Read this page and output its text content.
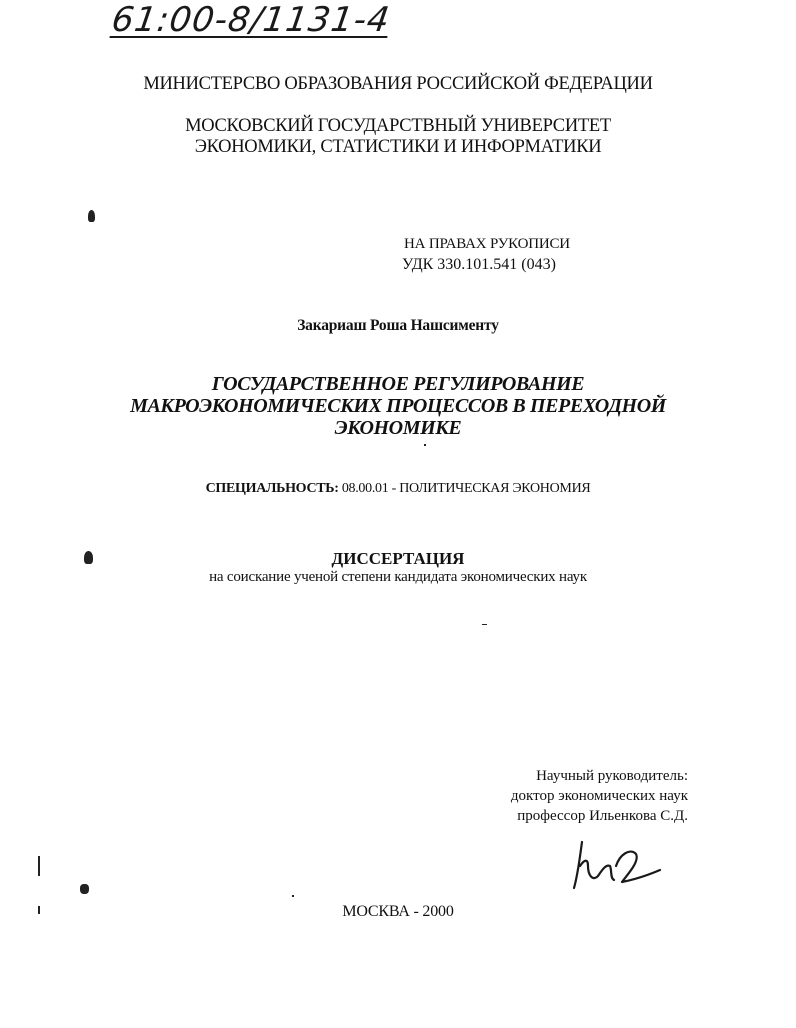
61:00-8/1131-4
МИНИСТЕРСВО ОБРАЗОВАНИЯ РОССИЙСКОЙ ФЕДЕРАЦИИ
МОСКОВСКИЙ ГОСУДАРСТВНЫЙ УНИВЕРСИТЕТ
ЭКОНОМИКИ, СТАТИСТИКИ И ИНФОРМАТИКИ
НА ПРАВАХ РУКОПИСИ
УДК 330.101.541 (043)
Закариаш Роша Нашсименту
ГОСУДАРСТВЕННОЕ РЕГУЛИРОВАНИЕ
МАКРОЭКОНОМИЧЕСКИХ ПРОЦЕССОВ В ПЕРЕХОДНОЙ
ЭКОНОМИКЕ
СПЕЦИАЛЬНОСТЬ: 08.00.01 - ПОЛИТИЧЕСКАЯ ЭКОНОМИЯ
ДИССЕРТАЦИЯ
на соискание ученой степени кандидата экономических наук
Научный руководитель:
доктор экономических наук
профессор Ильенкова С.Д.
МОСКВА - 2000
